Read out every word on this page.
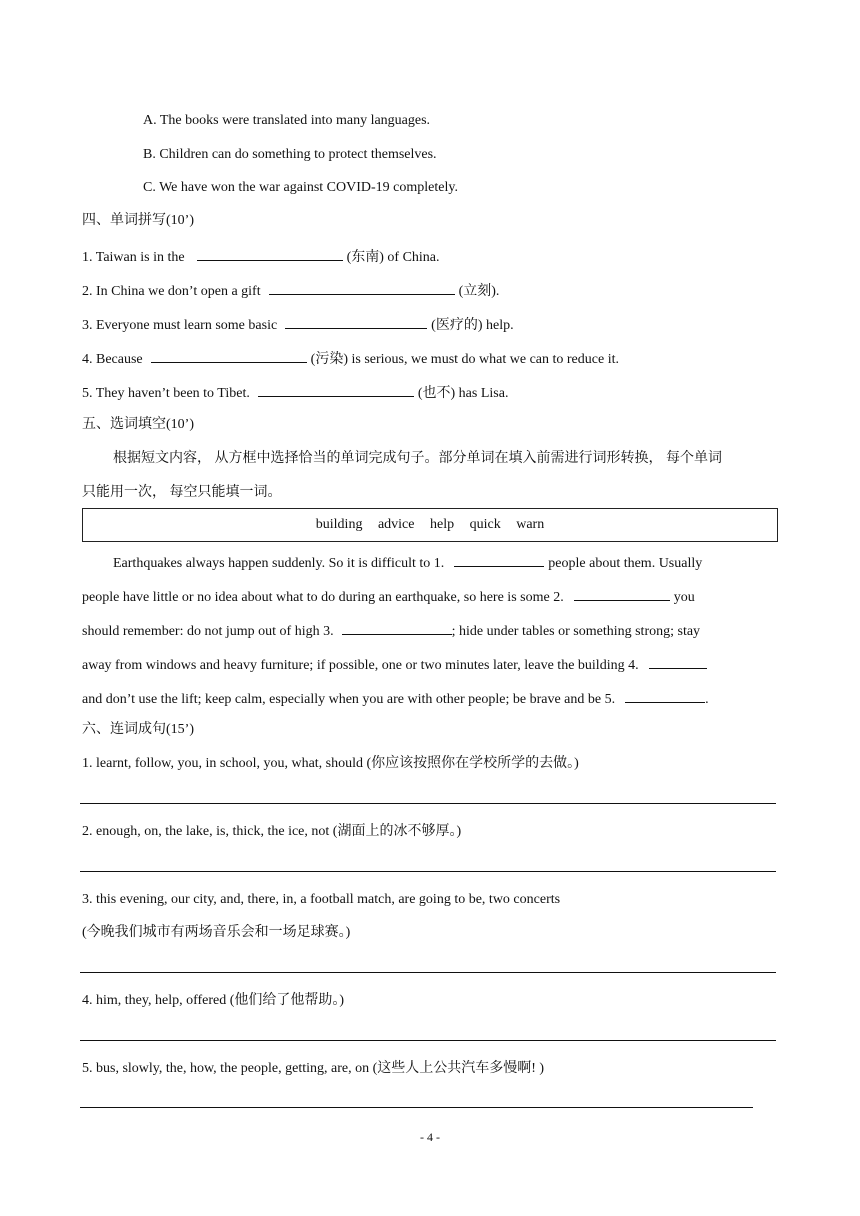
A. The books were translated into many languages.
B. Children can do something to protect themselves.
C. We have won the war against COVID-19 completely.
四、单词拼写(10’)
1. Taiwan is in the	(东南) of China.
2. In China we don’t open a gift	(立刻).
3. Everyone must learn some basic	(医疗的) help.
4. Because	(污染) is serious, we must do what we can to reduce it.
5. They haven’t been to Tibet.	(也不) has Lisa.
五、选词填空(10’)
根据短文内容， 从方框中选择恰当的单词完成句子。部分单词在填入前需进行词形转换， 每个单词
只能用一次， 每空只能填一词。
building advice help quick warn
Earthquakes always happen suddenly. So it is difficult to 1.	people about them. Usually
people have little or no idea about what to do during an earthquake, so here is some 2.	you
should remember: do not jump out of high 3.	; hide under tables or something strong; stay
away from windows and heavy furniture; if possible, one or two minutes later, leave the building 4.
and don’t use the lift; keep calm, especially when you are with other people; be brave and be 5.	.
六、连词成句(15’)
1. learnt, follow, you, in school, you, what, should (你应该按照你在学校所学的去做。)
2. enough, on, the lake, is, thick, the ice, not (湖面上的冰不够厚。)
3. this evening, our city, and, there, in, a football match, are going to be, two concerts
(今晚我们城市有两场音乐会和一场足球赛。)
4. him, they, help, offered (他们给了他帮助。)
5. bus, slowly, the, how, the people, getting, are, on (这些人上公共汽车多慢啊! )
- 4 -
